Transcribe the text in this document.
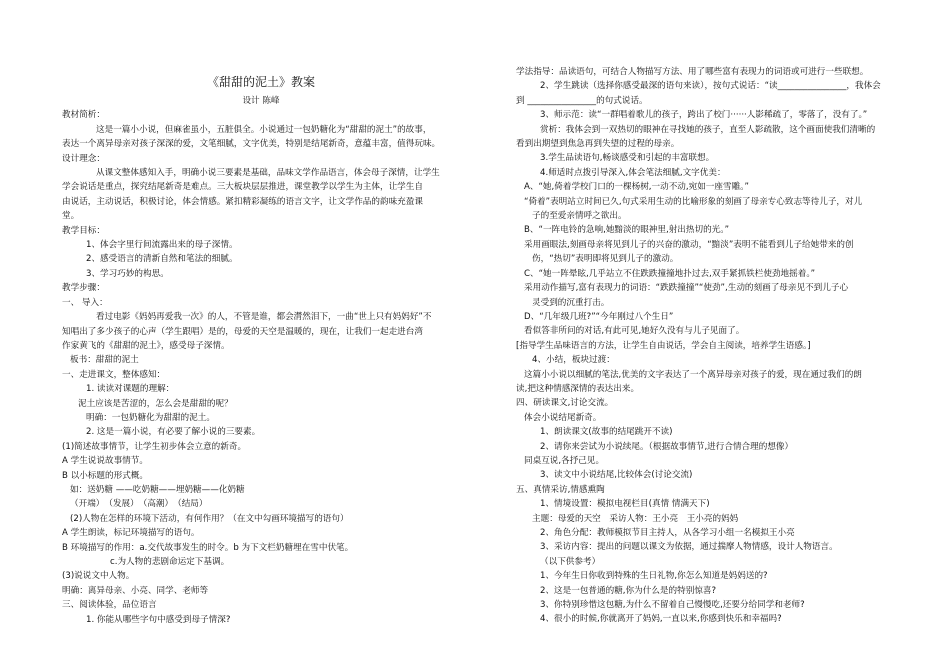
《甜甜的泥土》教案
设计 陈峰
教材简析：
这是一篇小小说，但麻雀虽小，五脏俱全。小说通过一包奶糖化为“甜甜的泥土”的故事，
表达一个离异母亲对孩子深深的爱，文笔细腻，文字优美，特别是结尾新奇，意蕴丰富，值得玩味。
设计理念：
从课文整体感知入手，明确小说三要素是基础，品味文学作品语言，体会母子深情，让学生
学会说话是重点，探究结尾新奇是难点。三大板块层层推进，课堂教学以学生为主体，让学生自
由说话，主动说话，积极讨论，体会情感。紧扣精彩凝练的语言文字，让文学作品的韵味充盈课
堂。
教学目标：
1、体会字里行间流露出来的母子深情。
2、感受语言的清新自然和笔法的细腻。
3、学习巧妙的构思。
教学步骤：
一、 导入：
看过电影《妈妈再爱我一次》的人，不管是谁，都会潸然泪下，一曲“世上只有妈妈好”不
知唱出了多少孩子的心声（学生跟唱）是的，母爱的天空是温暖的，现在，让我们一起走进台湾
作家黄飞的《甜甜的泥土》，感受母子深情。
板书：甜甜的泥土
一、走进课文，整体感知：
1. 读读对课题的理解：
泥土应该是苦涩的，怎么会是甜甜的呢？
明确：一包奶糖化为甜甜的泥土。
2. 这是一篇小说，有必要了解小说的三要素。
(1)简述故事情节，让学生初步体会立意的新奇。
A 学生说说故事情节。
B 以小标题的形式概。
如：送奶糖 ——吃奶糖——埋奶糖——化奶糖
（开端）　（发展）　（高潮）　（结局）
(2)人物在怎样的环境下活动，有何作用？（在文中勾画环境描写的语句）
A 学生朗读，标记环境描写的语句。
B 环境描写的作用：a.交代故事发生的时令。b 为下文栏奶糖埋在雪中伏笔。
c.为人物的悲剧命运定下基调。
(3)说说文中人物。
明确：离异母亲、小亮、同学、老师等
三、阅读体验，品位语言
1. 你能从哪些字句中感受到母子情深?
学法指导：品读语句，可结合人物描写方法、用了哪些富有表现力的词语或可进行一些联想。
2、学生跳读（选择你感受最深的语句来读），按句式说话：“读________________，我体会
到 ________________的句式说话。
3、师示范：读“一群唱着歌儿的孩子，跨出了校门······人影稀疏了，零落了，没有了。”
赏析：我体会到一双热切的眼神在寻找她的孩子，直至人影疏散，这个画面使我们清晰的
看到出期望到焦急再到失望的过程的母亲。
3.学生品读语句,畅谈感受和引起的丰富联想。
4.师适时点拨引导深入,体会笔法细腻,文字优美：
A、“她,倚着学校门口的一棵杨树,一动不动,宛如一座雪雕。”
“倚着”表明站立时间已久,句式采用生动的比喻形象的刻画了母亲专心致志等待儿子，对儿
子的至爱亲情呼之欲出。
B、“一阵电铃的急响,她黯淡的眼神里,射出热切的光。”
采用画眼法,刻画母亲将见到儿子的兴奋的激动，“黯淡”表明不能看到儿子给她带来的创
伤，“热切”表明即将见到儿子的激动。
C、“她一阵晕眩,几乎站立不住跌跌撞撞地扑过去,双手紧抓铁栏使劲地摇着。”
采用动作描写,富有表现力的词语：“跌跌撞撞”“使劲”,生动的刻画了母亲见不到儿子心
灵受到的沉重打击。
D、“几年级几班?”“今年刚过八个生日”
看似答非所问的对话,有此可见,她好久没有与儿子见面了。
[指导学生品味语言的方法，让学生自由说话，学会自主阅读，培养学生语感。]
4、小结，板块过渡：
这篇小小说以细腻的笔法,优美的文字表达了一个离异母亲对孩子的爱，现在通过我们的朗
读,把这种情感深情的表达出来。
四、研读课文,讨论交流。
体会小说结尾新奇。
1、朗读课文(故事的结尾跳开不读)
2、请你来尝试为小说续尾。（根据故事情节,进行合情合理的想像）
同桌互说,各抒己见。
3、读文中小说结尾,比较体会(讨论交流)
五、真情采访,情感熏陶
1、情境设置：模拟电视栏目(真情 情满天下)
主题：母爱的天空　采访人物：王小亮　王小亮的妈妈
2、角色分配：教师模拟节目主持人，从各学习小组一名模拟王小亮
3、采访内容：提出的问题以课文为依据，通过揣摩人物情感，设计人物语言。
（以下供参考）
1、今年生日你收到特殊的生日礼物,你怎么知道是妈妈送的?
2、这是一包普通的糖,你为什么是的特别惊喜?
3、你特别珍惜这包糖,为什么不留着自己慢慢吃,还要分给同学和老师?
4、很小的时候,你就离开了妈妈,一直以来,你感到快乐和幸福吗?
